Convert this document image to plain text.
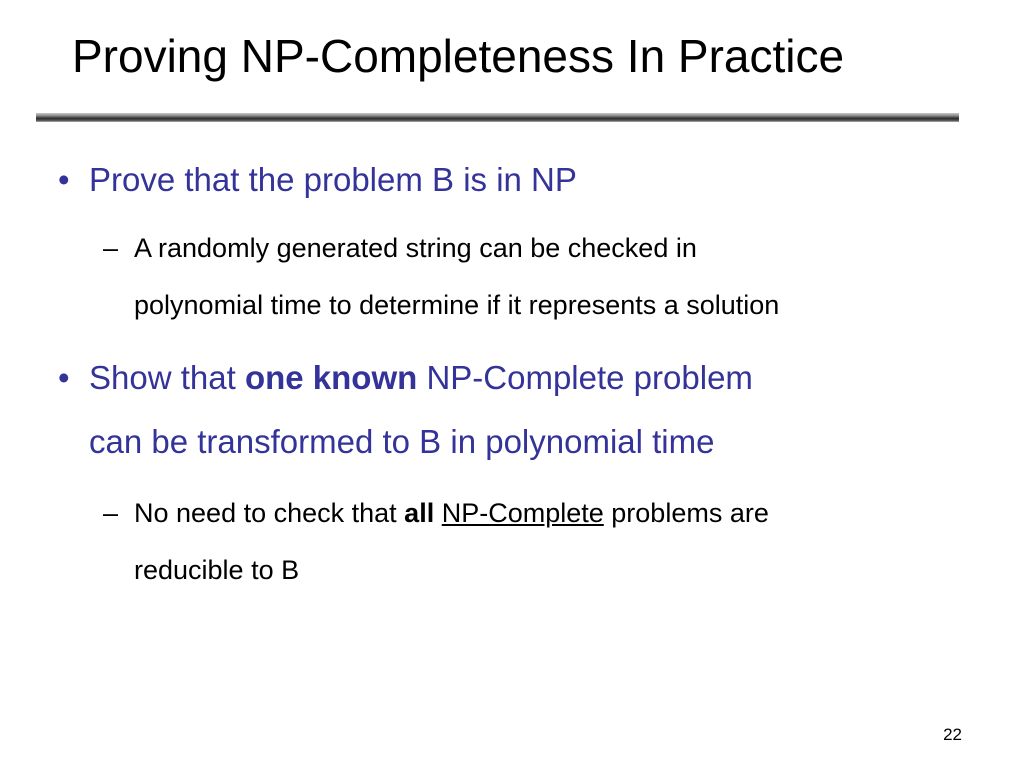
Proving NP-Completeness In Practice
• Prove that the problem B is in NP
– A randomly generated string can be checked in
polynomial time to determine if it represents a solution
• Show that one known NP-Complete problem
can be transformed to B in polynomial time
– No need to check that all NP-Complete problems are
reducible to B
22
